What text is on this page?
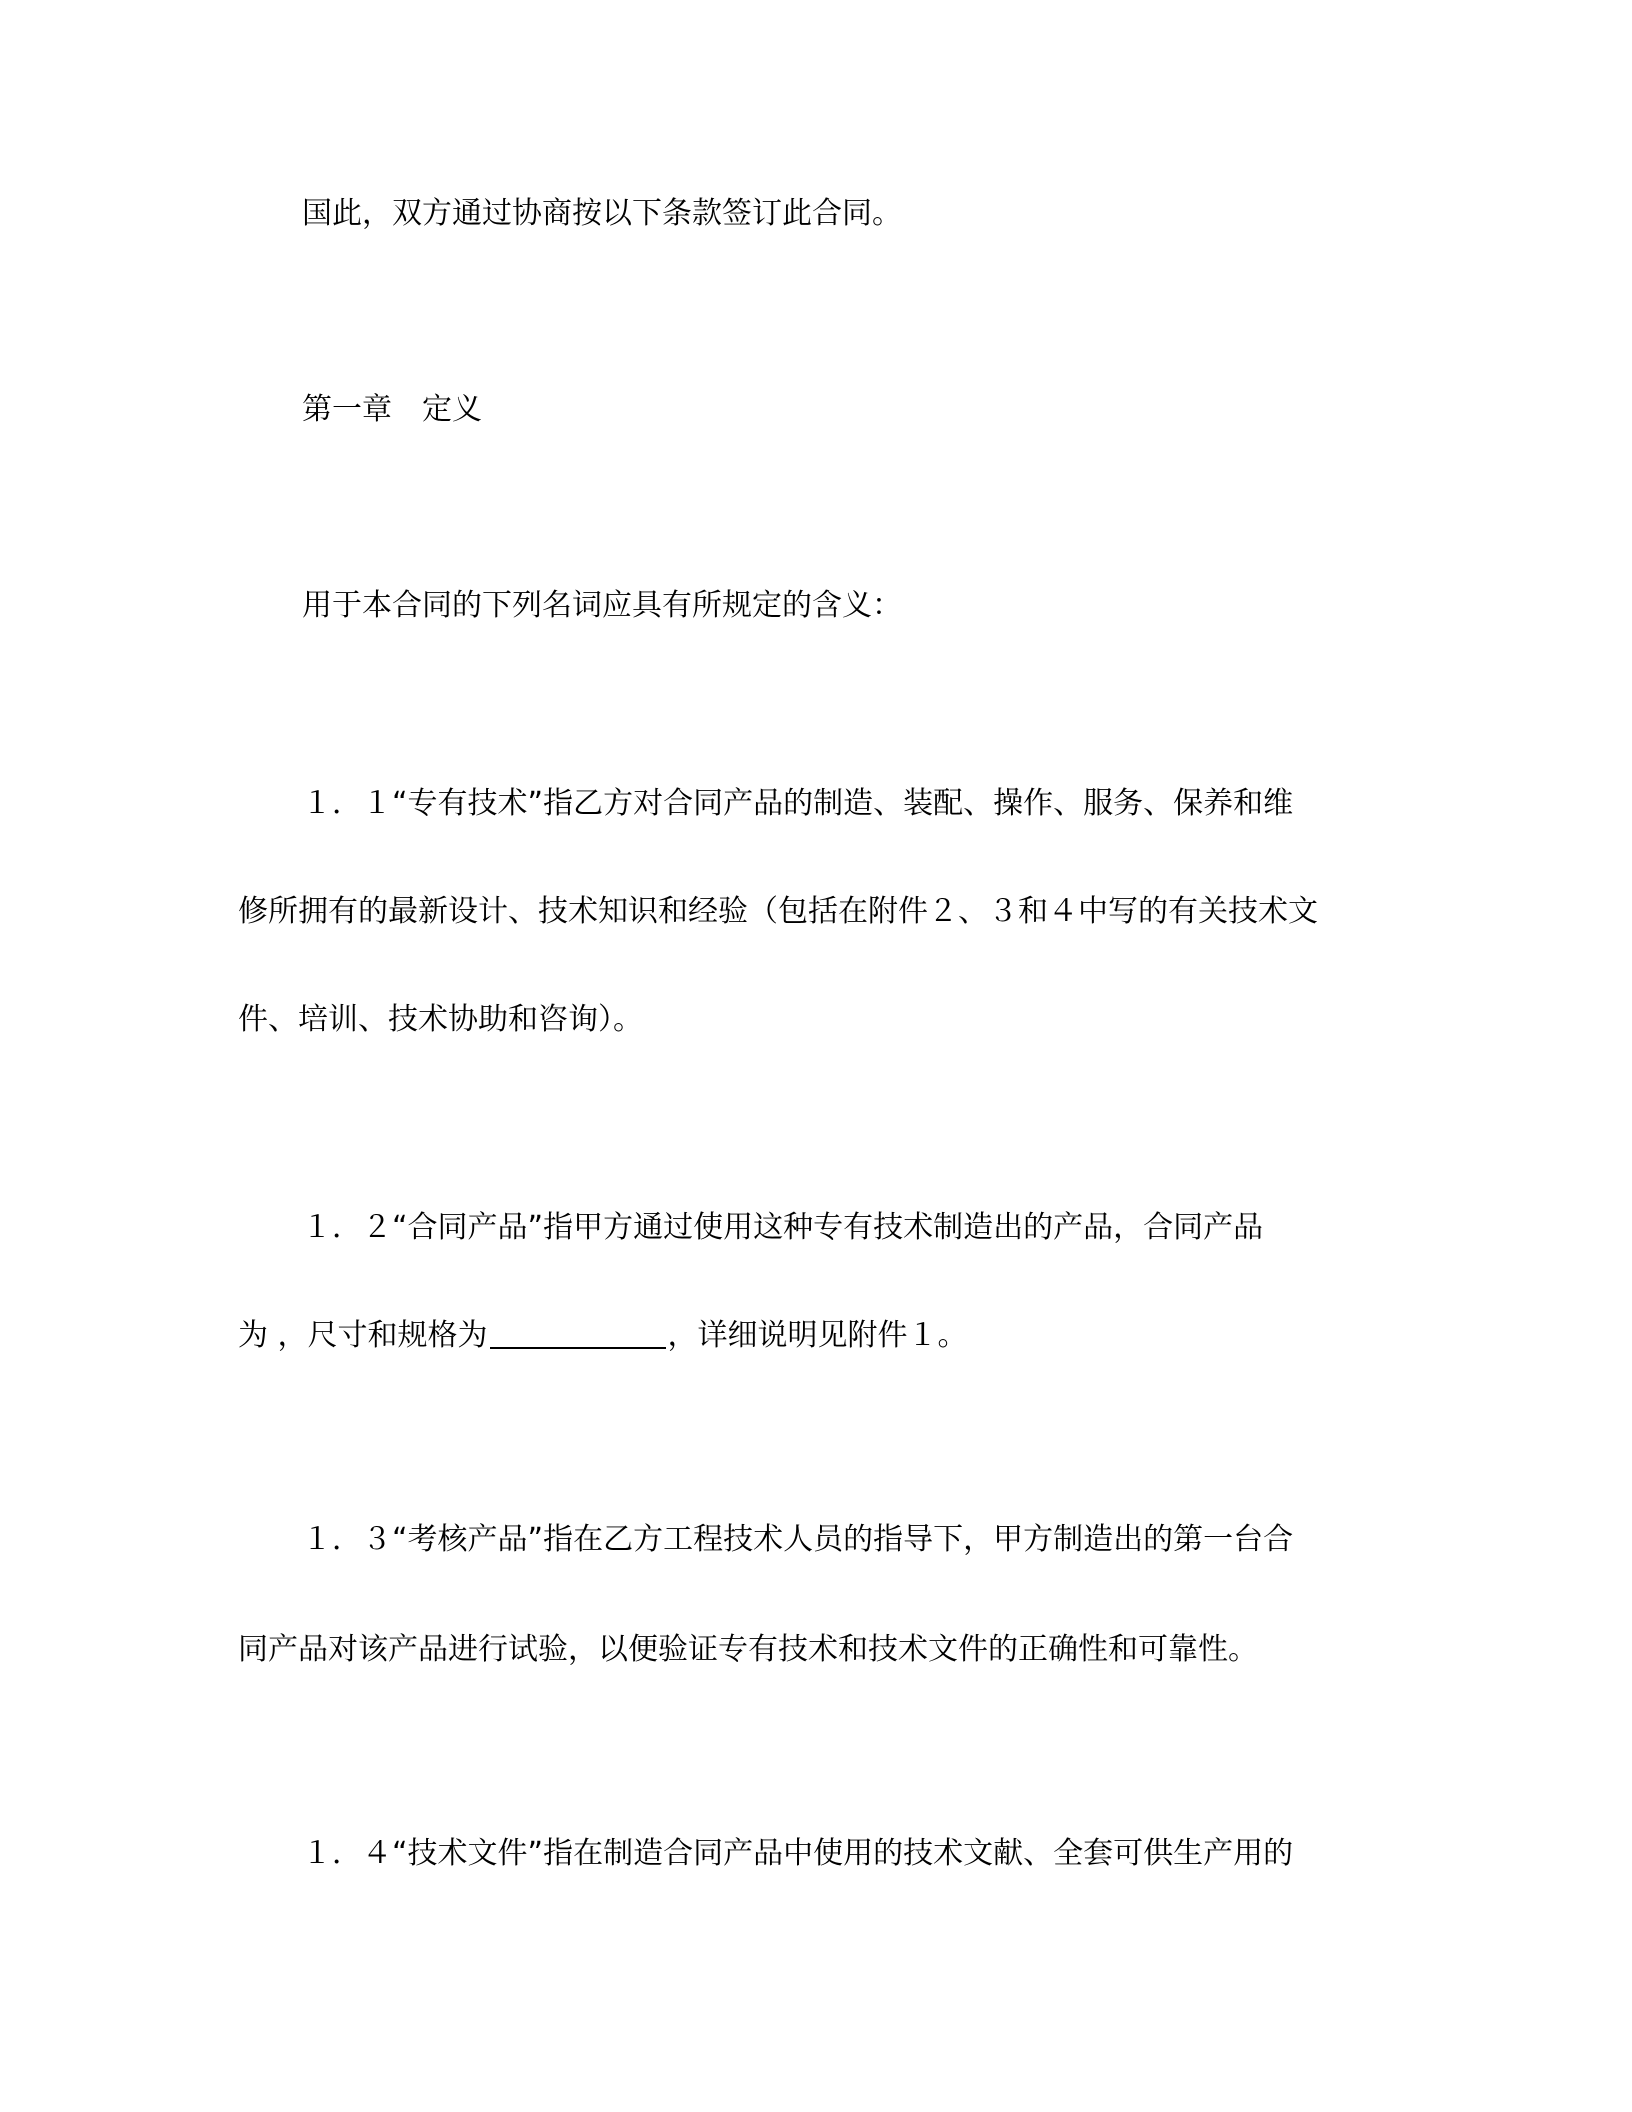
国此，双方通过协商按以下条款签订此合同。
第一章　定义
用于本合同的下列名词应具有所规定的含义：
１．１“专有技术”指乙方对合同产品的制造、装配、操作、服务、保养和维
修所拥有的最新设计、技术知识和经验（包括在附件２、３和４中写的有关技术文
件、培训、技术协助和咨询）。
１．２“合同产品”指甲方通过使用这种专有技术制造出的产品，合同产品
为 ，尺寸和规格为	，详细说明见附件１。
１．３“考核产品”指在乙方工程技术人员的指导下，甲方制造出的第一台合
同产品对该产品进行试验，以便验证专有技术和技术文件的正确性和可靠性。
１．４“技术文件”指在制造合同产品中使用的技术文献、全套可供生产用的
